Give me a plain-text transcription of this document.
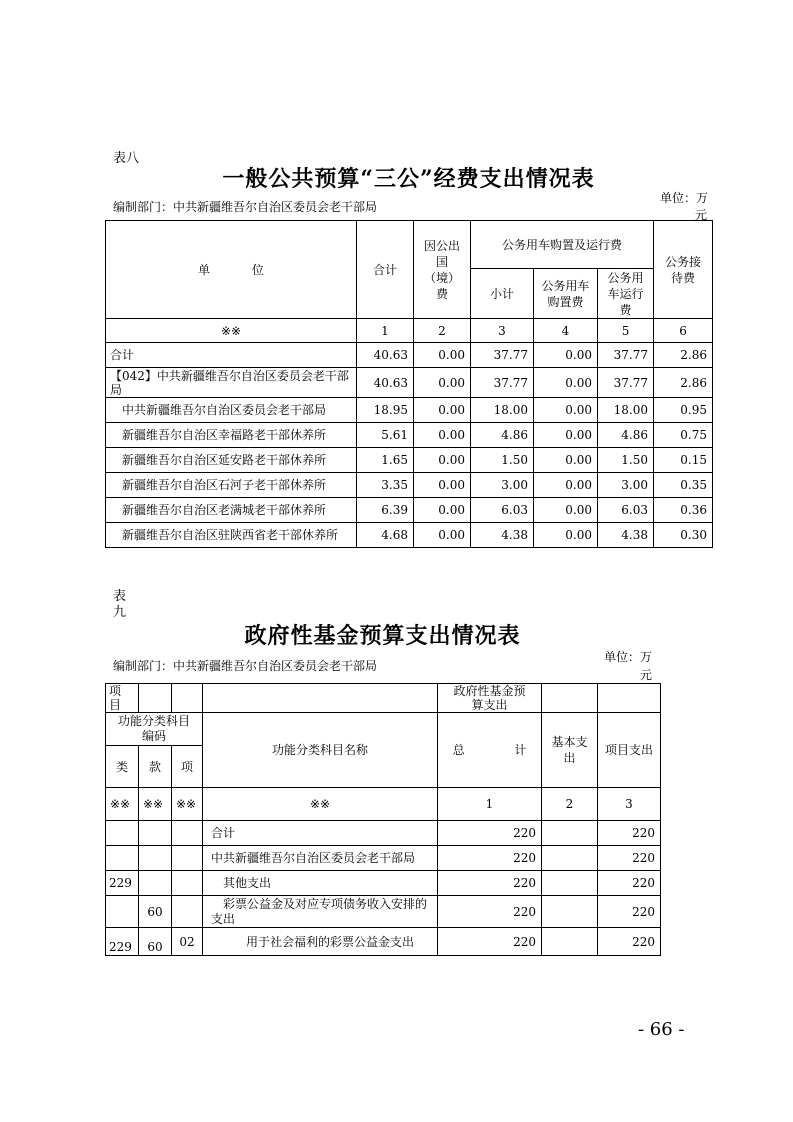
表八
一般公共预算“三公”经费支出情况表
编制部门：中共新疆维吾尔自治区委员会老干部局
单位：万
元
单 位	合计	因公出国（境）费	公务用车购置及运行费			公务接待费
			小计	公务用车购置费	公务用车运行费	
※※	1	2	3	4	5	6
合计	40.63	0.00	37.77	0.00	37.77	2.86
【042】中共新疆维吾尔自治区委员会老干部局	40.63	0.00	37.77	0.00	37.77	2.86
中共新疆维吾尔自治区委员会老干部局	18.95	0.00	18.00	0.00	18.00	0.95
新疆维吾尔自治区幸福路老干部休养所	5.61	0.00	4.86	0.00	4.86	0.75
新疆维吾尔自治区延安路老干部休养所	1.65	0.00	1.50	0.00	1.50	0.15
新疆维吾尔自治区石河子老干部休养所	3.35	0.00	3.00	0.00	3.00	0.35
新疆维吾尔自治区老满城老干部休养所	6.39	0.00	6.03	0.00	6.03	0.36
新疆维吾尔自治区驻陕西省老干部休养所	4.68	0.00	4.38	0.00	4.38	0.30
表
九
政府性基金预算支出情况表
编制部门：中共新疆维吾尔自治区委员会老干部局
单位：万
元
项目				政府性基金预算支出		
功能分类科目编码			功能分类科目名称	总 计	基本支出	项目支出
类	款	项				
※※	※※	※※	※※	1	2	3
			合计	220		220
			中共新疆维吾尔自治区委员会老干部局	220		220
229			其他支出	220		220
	60		彩票公益金及对应专项债务收入安排的支出	220		220
229	60	02	用于社会福利的彩票公益金支出	220		220
- 66 -
